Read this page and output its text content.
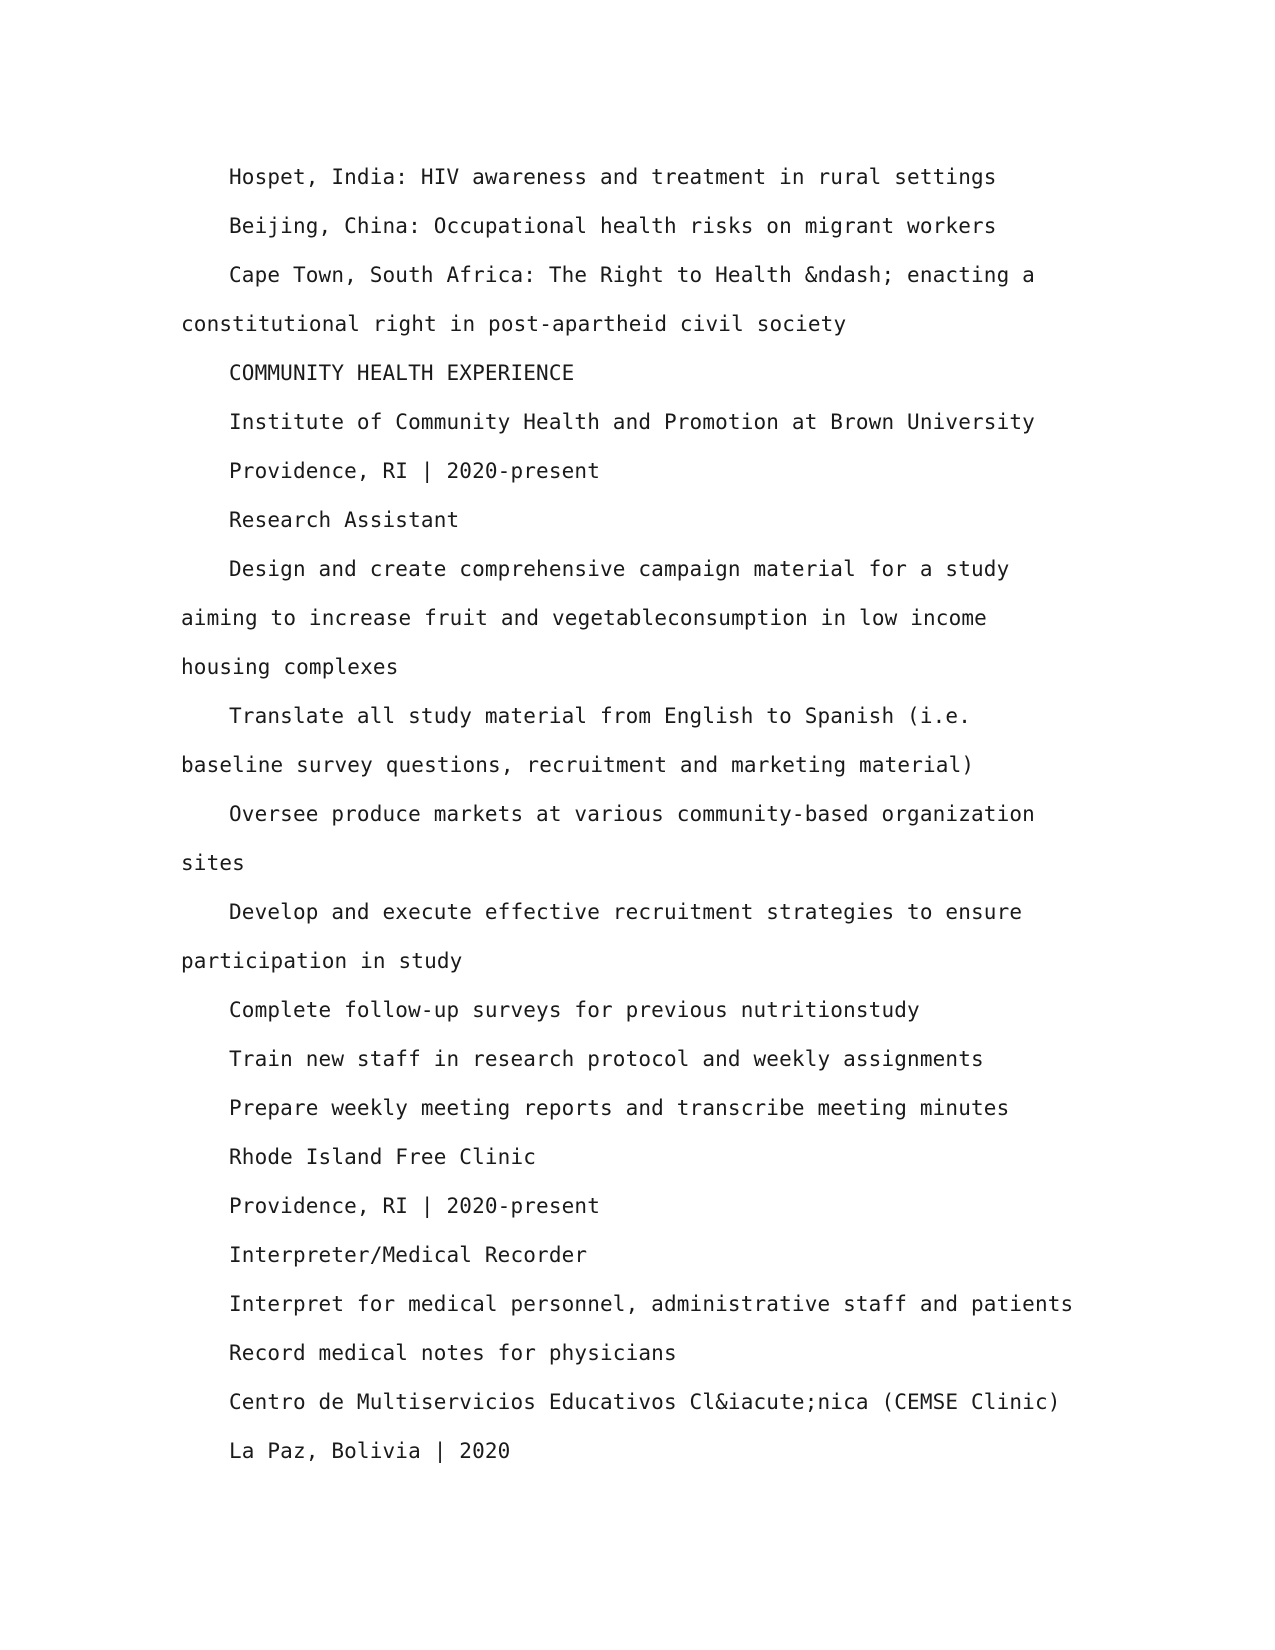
Hospet, India: HIV awareness and treatment in rural settings

Beijing, China: Occupational health risks on migrant workers

Cape Town, South Africa: The Right to Health &ndash; enacting a constitutional right in post-apartheid civil society

COMMUNITY HEALTH EXPERIENCE

Institute of Community Health and Promotion at Brown University

Providence, RI | 2020-present

Research Assistant

Design and create comprehensive campaign material for a study aiming to increase fruit and vegetableconsumption in low income housing complexes

Translate all study material from English to Spanish (i.e. baseline survey questions, recruitment and marketing material)

Oversee produce markets at various community-based organization sites

Develop and execute effective recruitment strategies to ensure participation in study

Complete follow-up surveys for previous nutritionstudy

Train new staff in research protocol and weekly assignments

Prepare weekly meeting reports and transcribe meeting minutes

Rhode Island Free Clinic

Providence, RI | 2020-present

Interpreter/Medical Recorder

Interpret for medical personnel, administrative staff and patients

Record medical notes for physicians

Centro de Multiservicios Educativos Cl&iacute;nica (CEMSE Clinic)

La Paz, Bolivia | 2020
